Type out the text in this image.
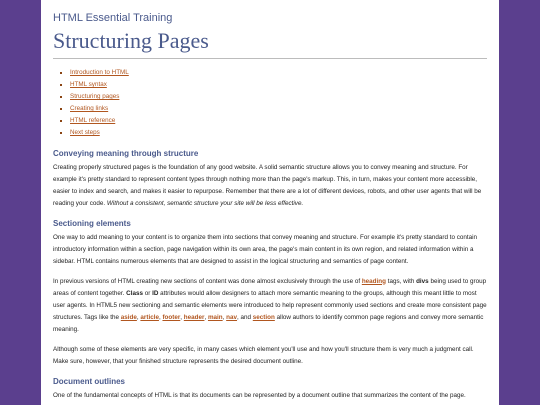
HTML Essential Training
Structuring Pages
▪ Introduction to HTML
▪ HTML syntax
▪ Structuring pages
▪ Creating links
▪ HTML reference
▪ Next steps
Conveying meaning through structure

Creating properly structured pages is the foundation of any good website. A solid semantic structure allows you to convey meaning and structure. For example it's pretty standard to represent content types through nothing more than the page's markup. This, in turn, makes your content more accessible, easier to index and search, and makes it easier to repurpose. Remember that there are a lot of different devices, robots, and other user agents that will be reading your code. Without a consistent, semantic structure your site will be less effective.

Sectioning elements

One way to add meaning to your content is to organize them into sections that convey meaning and structure. For example it's pretty standard to contain introductory information within a section, page navigation within its own area, the page's main content in its own region, and related information within a sidebar. HTML contains numerous elements that are designed to assist in the logical structuring and semantics of page content.

In previous versions of HTML creating new sections of content was done almost exclusively through the use of heading tags, with divs being used to group areas of content together. Class or ID attributes would allow designers to attach more semantic meaning to the groups, although this meant little to most user agents. In HTML5 new sectioning and semantic elements were introduced to help represent commonly used sections and create more consistent page structures. Tags like the aside, article, footer, header, main, nav, and section allow authors to identify common page regions and convey more semantic meaning.

Although some of these elements are very specific, in many cases which element you'll use and how you'll structure them is very much a judgment call. Make sure, however, that your finished structure represents the desired document outline.

Document outlines

One of the fundamental concepts of HTML is that its documents can be represented by a document outline that summarizes the content of the page.
